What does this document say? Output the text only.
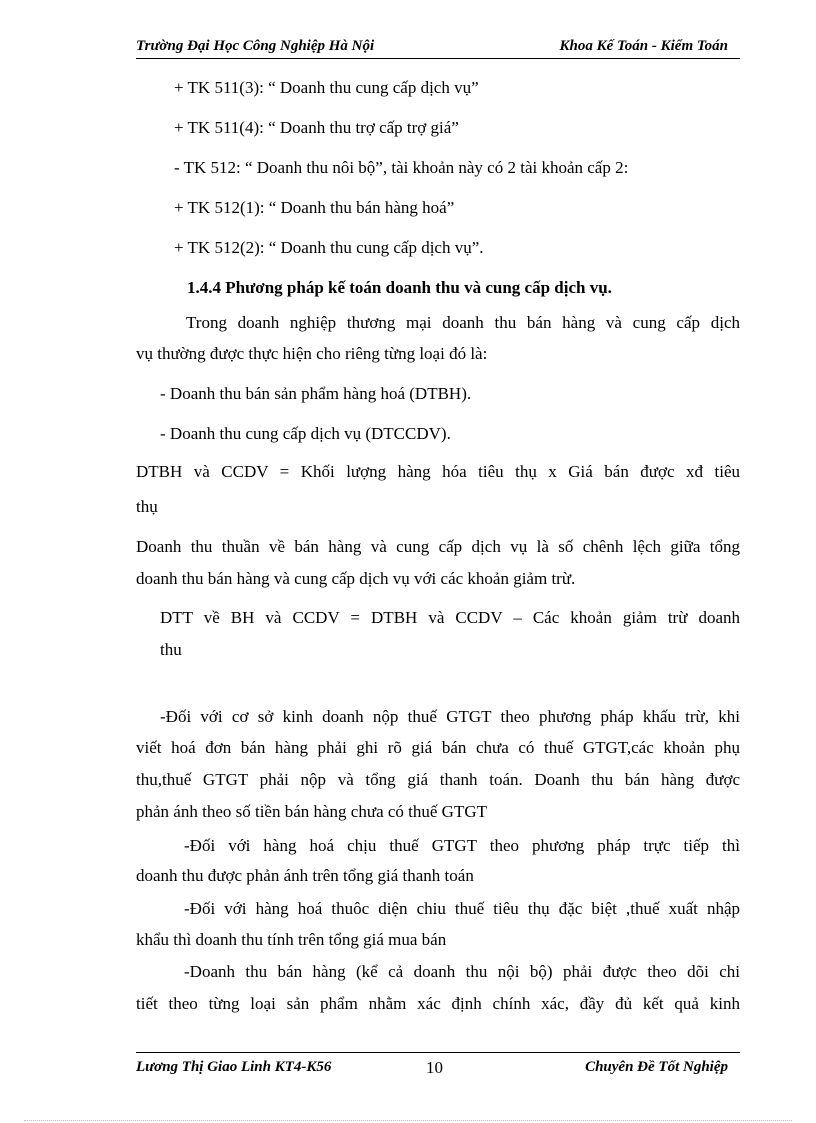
Trường Đại Học Công Nghiệp Hà Nội	Khoa Kế Toán - Kiểm Toán
+ TK 511(3): “ Doanh thu cung cấp dịch vụ”
+ TK 511(4): “ Doanh thu trợ cấp trợ giá”
- TK 512: “ Doanh thu nôi bộ”, tài khoản này có 2 tài khoản cấp 2:
+ TK 512(1): “ Doanh thu bán hàng hoá”
+ TK 512(2): “ Doanh thu cung cấp dịch vụ”.
1.4.4 Phương pháp kế toán doanh thu và cung cấp dịch vụ.
Trong doanh nghiệp thương mại doanh thu bán hàng và cung cấp dịch
vụ thường được thực hiện cho riêng từng loại đó là:
- Doanh thu bán sản phẩm hàng hoá (DTBH).
- Doanh thu cung cấp dịch vụ (DTCCDV).
DTBH và CCDV = Khối lượng hàng hóa tiêu thụ x Giá bán được xđ tiêu
thụ
Doanh thu thuần về bán hàng và cung cấp dịch vụ là số chênh lệch giữa tổng
doanh thu bán hàng và cung cấp dịch vụ với các khoản giảm trừ.
DTT về BH và CCDV = DTBH và CCDV – Các khoản giảm trừ doanh
thu
-Đối với cơ sở kinh doanh nộp thuế GTGT theo phương pháp khấu trừ, khi
viết hoá đơn bán hàng phải ghi rõ giá bán chưa có thuế GTGT,các khoản phụ
thu,thuế GTGT phải nộp và tổng giá thanh toán. Doanh thu bán hàng được
phản ánh theo số tiền bán hàng chưa có thuế GTGT
-Đối với hàng hoá chịu thuế GTGT theo phương pháp trực tiếp thì
doanh thu được phản ánh trên tổng giá thanh toán
-Đối với hàng hoá thuôc diện chiu thuế tiêu thụ đặc biệt ,thuế xuất nhập
khẩu thì doanh thu tính trên tổng giá mua bán
-Doanh thu bán hàng (kể cả doanh thu nội bộ) phải được theo dõi chi
tiết theo từng loại sản phẩm nhằm xác định chính xác, đầy đủ kết quả kinh
Lương Thị Giao Linh KT4-K56	10	Chuyên Đề Tốt Nghiệp
